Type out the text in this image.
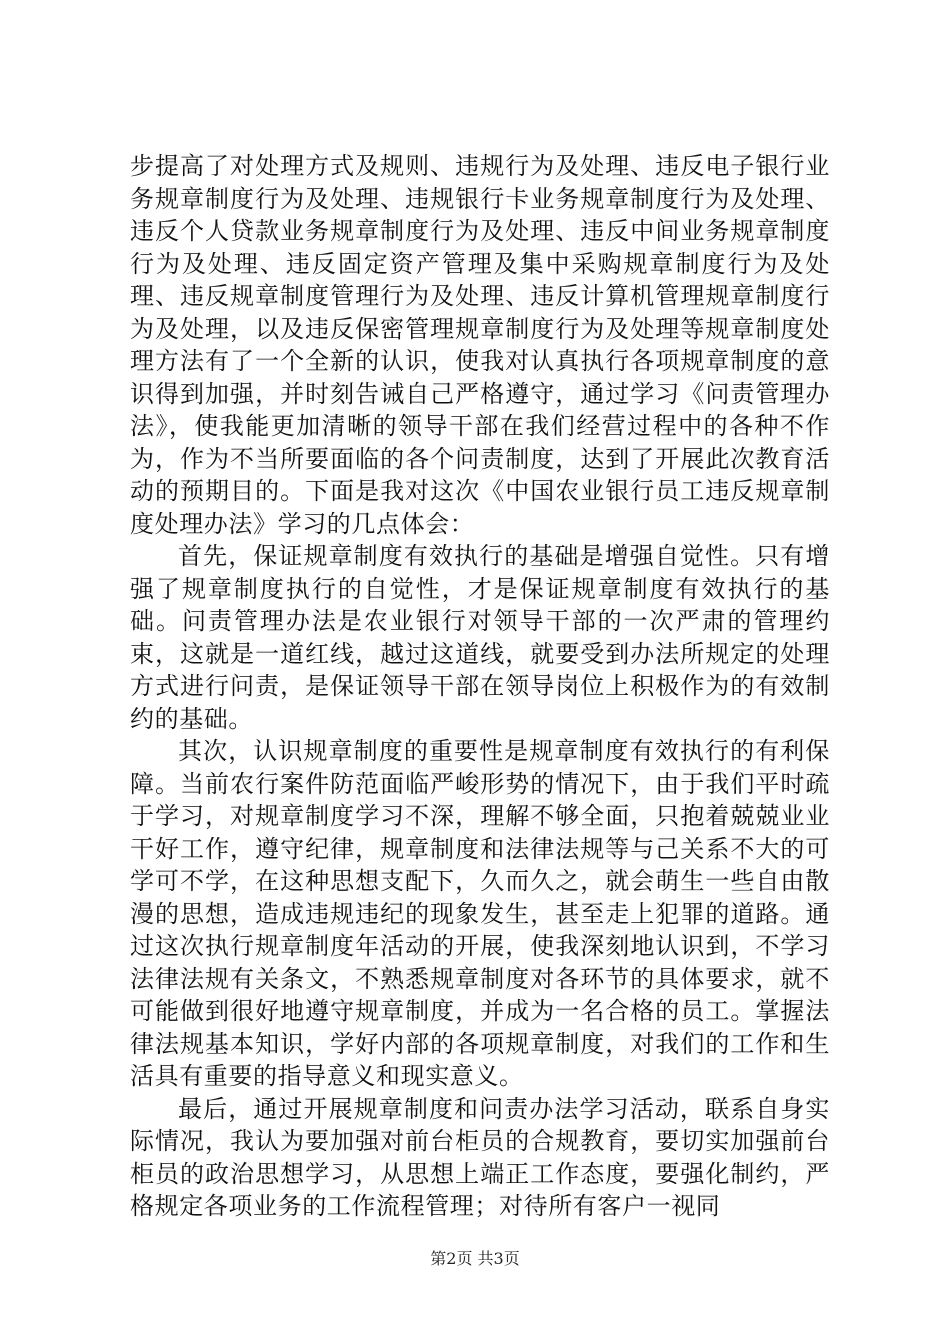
步提高了对处理方式及规则、违规行为及处理、违反电子银行业务规章制度行为及处理、违规银行卡业务规章制度行为及处理、违反个人贷款业务规章制度行为及处理、违反中间业务规章制度行为及处理、违反固定资产管理及集中采购规章制度行为及处理、违反规章制度管理行为及处理、违反计算机管理规章制度行为及处理，以及违反保密管理规章制度行为及处理等规章制度处理方法有了一个全新的认识，使我对认真执行各项规章制度的意识得到加强，并时刻告诫自己严格遵守，通过学习《问责管理办法》，使我能更加清晰的领导干部在我们经营过程中的各种不作为，作为不当所要面临的各个问责制度，达到了开展此次教育活动的预期目的。下面是我对这次《中国农业银行员工违反规章制度处理办法》学习的几点体会：

首先，保证规章制度有效执行的基础是增强自觉性。只有增强了规章制度执行的自觉性，才是保证规章制度有效执行的基础。问责管理办法是农业银行对领导干部的一次严肃的管理约束，这就是一道红线，越过这道线，就要受到办法所规定的处理方式进行问责，是保证领导干部在领导岗位上积极作为的有效制约的基础。

其次，认识规章制度的重要性是规章制度有效执行的有利保障。当前农行案件防范面临严峻形势的情况下，由于我们平时疏于学习，对规章制度学习不深，理解不够全面，只抱着兢兢业业干好工作，遵守纪律，规章制度和法律法规等与己关系不大的可学可不学，在这种思想支配下，久而久之，就会萌生一些自由散漫的思想，造成违规违纪的现象发生，甚至走上犯罪的道路。通过这次执行规章制度年活动的开展，使我深刻地认识到，不学习法律法规有关条文，不熟悉规章制度对各环节的具体要求，就不可能做到很好地遵守规章制度，并成为一名合格的员工。掌握法律法规基本知识，学好内部的各项规章制度，对我们的工作和生活具有重要的指导意义和现实意义。

最后，通过开展规章制度和问责办法学习活动，联系自身实际情况，我认为要加强对前台柜员的合规教育，要切实加强前台柜员的政治思想学习，从思想上端正工作态度，要强化制约，严格规定各项业务的工作流程管理；对待所有客户一视同

第2页 共3页
